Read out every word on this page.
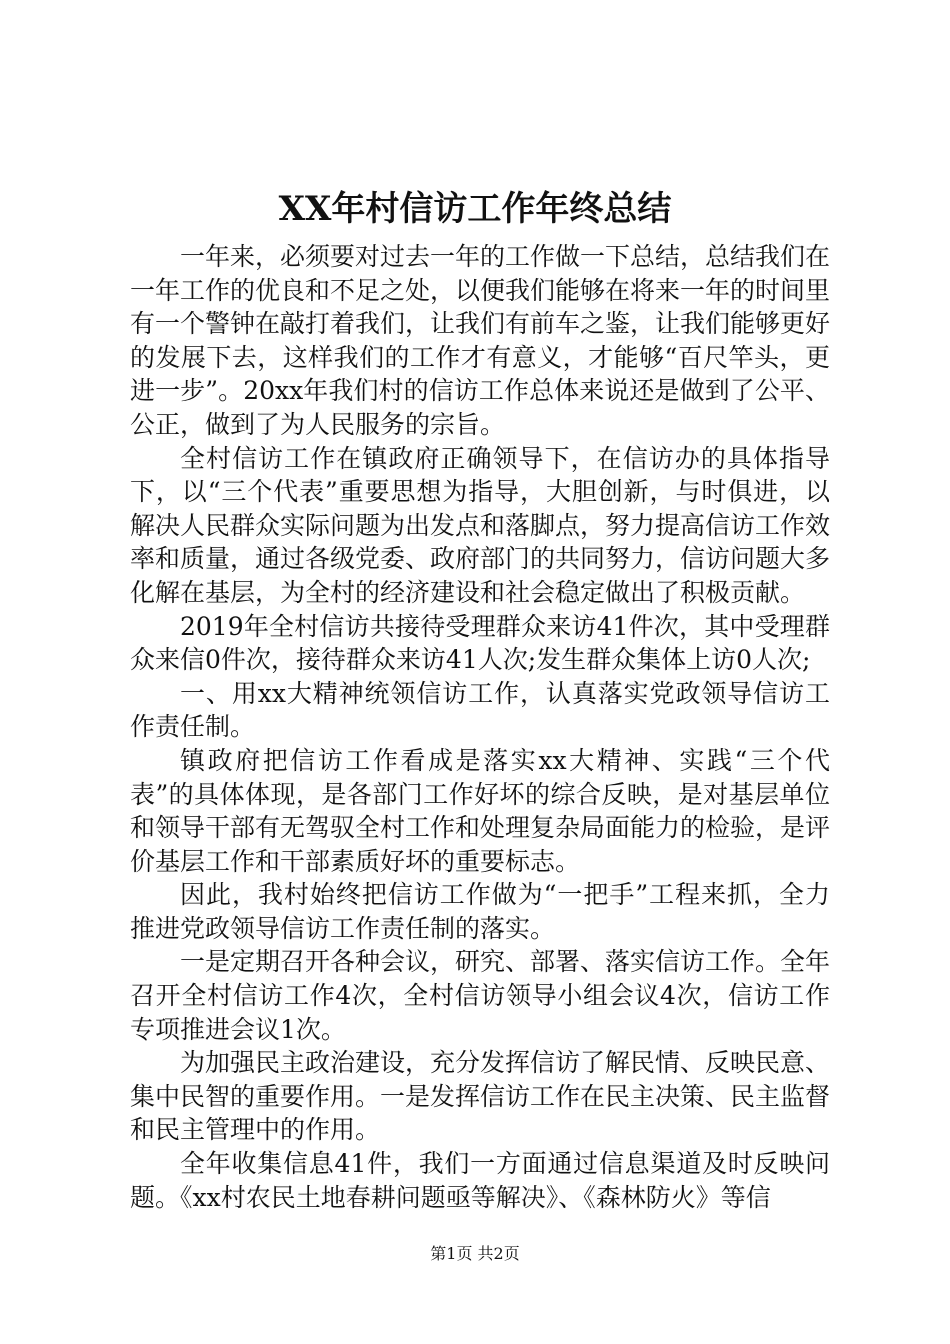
XX年村信访工作年终总结

一年来，必须要对过去一年的工作做一下总结，总结我们在一年工作的优良和不足之处，以便我们能够在将来一年的时间里有一个警钟在敲打着我们，让我们有前车之鉴，让我们能够更好的发展下去，这样我们的工作才有意义，才能够“百尺竿头，更进一步”。20xx年我们村的信访工作总体来说还是做到了公平、公正，做到了为人民服务的宗旨。

全村信访工作在镇政府正确领导下，在信访办的具体指导下，以“三个代表”重要思想为指导，大胆创新，与时俱进，以解决人民群众实际问题为出发点和落脚点，努力提高信访工作效率和质量，通过各级党委、政府部门的共同努力，信访问题大多化解在基层，为全村的经济建设和社会稳定做出了积极贡献。

2019年全村信访共接待受理群众来访41件次，其中受理群众来信0件次，接待群众来访41人次;发生群众集体上访0人次;

一、用xx大精神统领信访工作，认真落实党政领导信访工作责任制。

镇政府把信访工作看成是落实xx大精神、实践“三个代表”的具体体现，是各部门工作好坏的综合反映，是对基层单位和领导干部有无驾驭全村工作和处理复杂局面能力的检验，是评价基层工作和干部素质好坏的重要标志。

因此，我村始终把信访工作做为“一把手”工程来抓，全力推进党政领导信访工作责任制的落实。

一是定期召开各种会议，研究、部署、落实信访工作。全年召开全村信访工作4次，全村信访领导小组会议4次，信访工作专项推进会议1次。

为加强民主政治建设，充分发挥信访了解民情、反映民意、集中民智的重要作用。一是发挥信访工作在民主决策、民主监督和民主管理中的作用。

全年收集信息41件，我们一方面通过信息渠道及时反映问题。《xx村农民土地春耕问题亟等解决》、《森林防火》等信

第1页 共2页
